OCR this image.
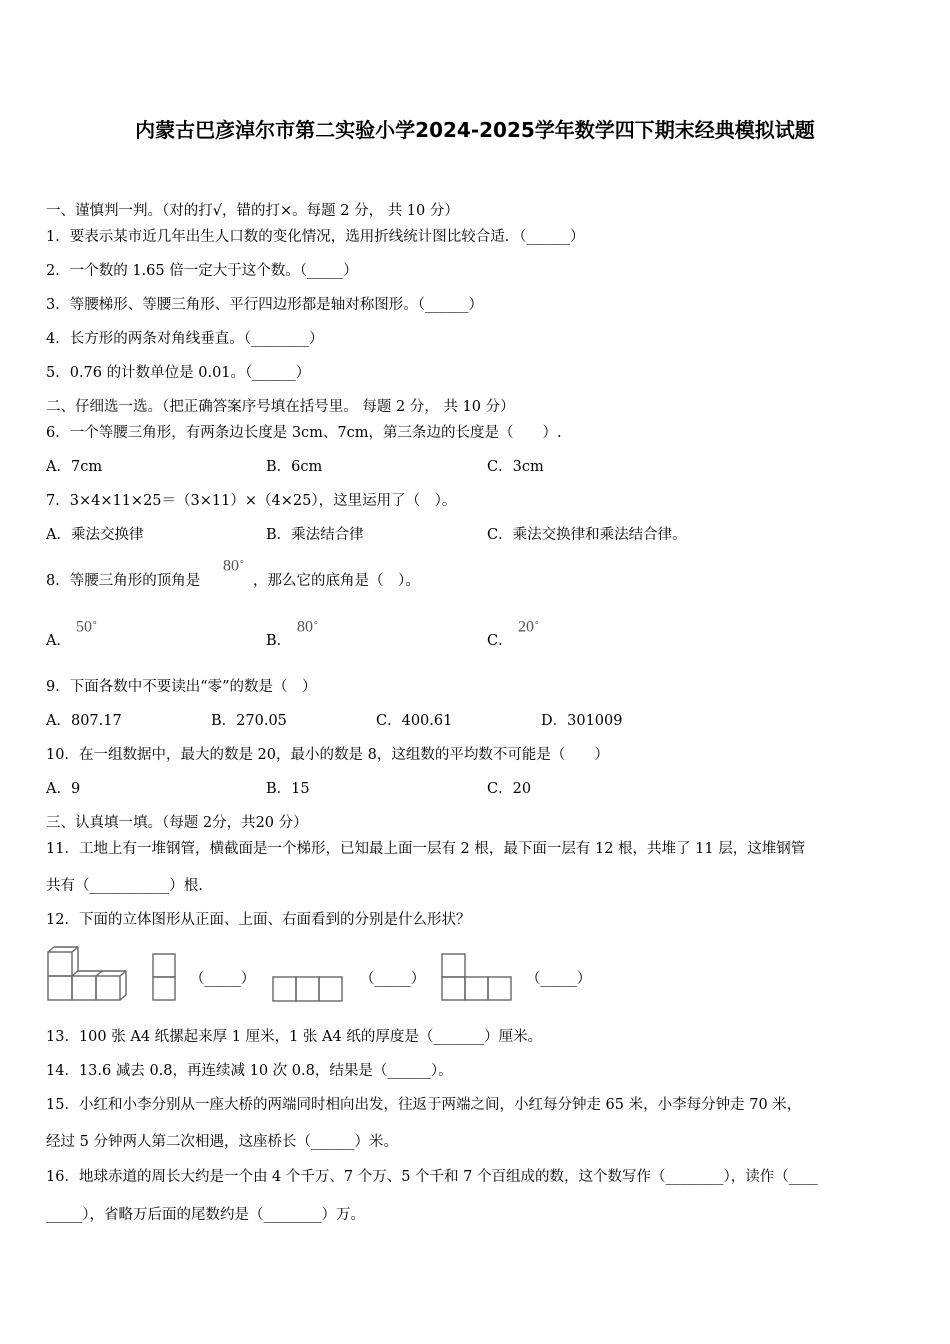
内蒙古巴彦淖尔市第二实验小学2024-2025学年数学四下期末经典模拟试题
一、谨慎判一判。（对的打√，错的打×。每题 2 分， 共 10 分）
1．要表示某市近几年出生人口数的变化情况，选用折线统计图比较合适．（______）
2．一个数的 1.65 倍一定大于这个数。（_____）
3．等腰梯形、等腰三角形、平行四边形都是轴对称图形。（______）
4．长方形的两条对角线垂直。（________）
5．0.76 的计数单位是 0.01。（______）
二、仔细选一选。（把正确答案序号填在括号里。 每题 2 分， 共 10 分）
6．一个等腰三角形，有两条边长度是 3cm、7cm，第三条边的长度是（　　）.
A．7cm	B．6cm	C．3cm
7．3×4×11×25＝（3×11）×（4×25），这里运用了（　）。
A．乘法交换律	B．乘法结合律	C．乘法交换律和乘法结合律。
8．等腰三角形的顶角是
80∘
，那么它的底角是（　）。
A．
50∘
B．
80∘
C．
20∘
9．下面各数中不要读出“零”的数是（　）
A．807.17	B．270.05	C．400.61	D．301009
10．在一组数据中，最大的数是 20，最小的数是 8，这组数的平均数不可能是（　　）
A．9	B．15	C．20
三、认真填一填。（每题 2分，共20 分）
11．工地上有一堆钢管，横截面是一个梯形，已知最上面一层有 2 根，最下面一层有 12 根，共堆了 11 层，这堆钢管
共有（___________）根.
12．下面的立体图形从正面、上面、右面看到的分别是什么形状？
（_____）	（_____）	（_____）
13．100 张 A4 纸摞起来厚 1 厘米，1 张 A4 纸的厚度是（_______）厘米。
14．13.6 减去 0.8，再连续减 10 次 0.8，结果是（______）。
15．小红和小李分别从一座大桥的两端同时相向出发，往返于两端之间，小红每分钟走 65 米，小李每分钟走 70 米，
经过 5 分钟两人第二次相遇，这座桥长（______）米。
16．地球赤道的周长大约是一个由 4 个千万、7 个万、5 个千和 7 个百组成的数，这个数写作（________），读作（____
_____），省略万后面的尾数约是（________）万。
